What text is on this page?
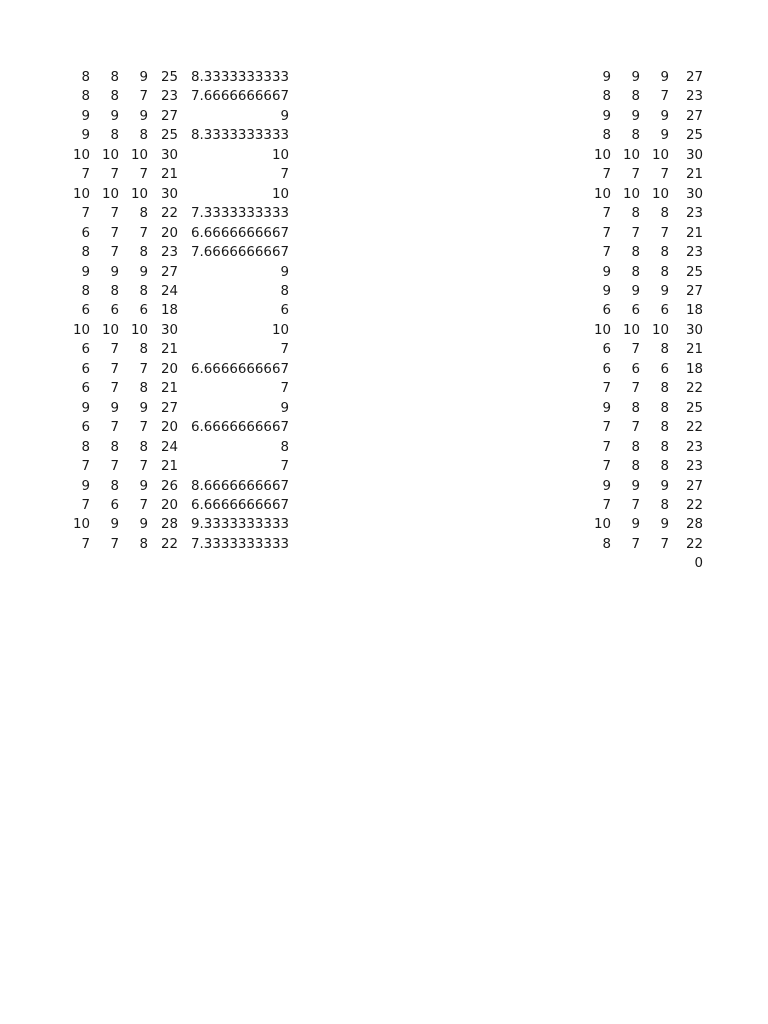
8	8	9	25	8.3333333333
8	8	7	23	7.6666666667
9	9	9	27	9
9	8	8	25	8.3333333333
10	10	10	30	10
7	7	7	21	7
10	10	10	30	10
7	7	8	22	7.3333333333
6	7	7	20	6.6666666667
8	7	8	23	7.6666666667
9	9	9	27	9
8	8	8	24	8
6	6	6	18	6
10	10	10	30	10
6	7	8	21	7
6	7	7	20	6.6666666667
6	7	8	21	7
9	9	9	27	9
6	7	7	20	6.6666666667
8	8	8	24	8
7	7	7	21	7
9	8	9	26	8.6666666667
7	6	7	20	6.6666666667
10	9	9	28	9.3333333333
7	7	8	22	7.3333333333
9	9	9	27
8	8	7	23
9	9	9	27
8	8	9	25
10	10	10	30
7	7	7	21
10	10	10	30
7	8	8	23
7	7	7	21
7	8	8	23
9	8	8	25
9	9	9	27
6	6	6	18
10	10	10	30
6	7	8	21
6	6	6	18
7	7	8	22
9	8	8	25
7	7	8	22
7	8	8	23
7	8	8	23
9	9	9	27
7	7	8	22
10	9	9	28
8	7	7	22
			0
